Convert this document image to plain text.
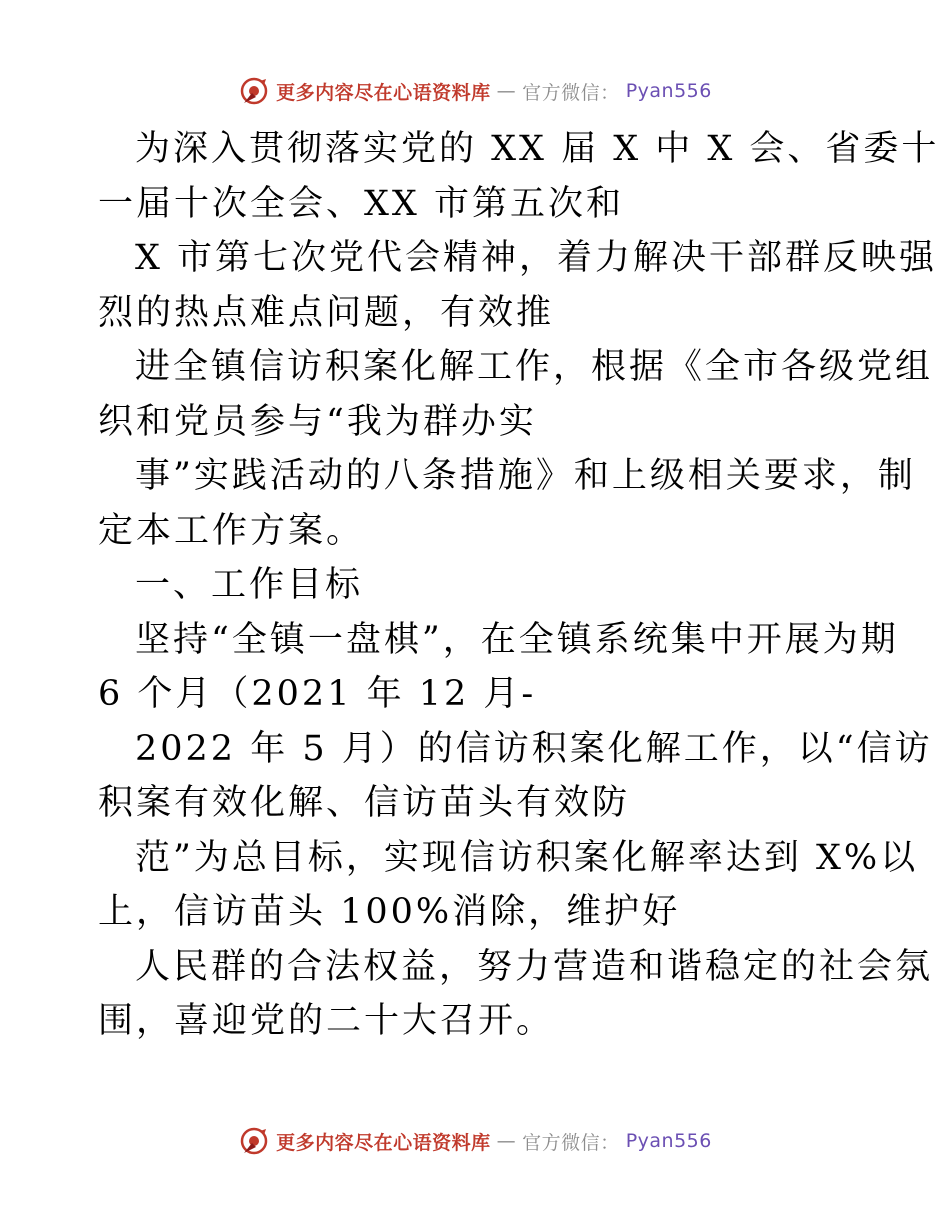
更多内容尽在心语资料库 — 官方微信： Pyan556
为深入贯彻落实党的 XX 届 X 中 X 会、省委十
一届十次全会、XX 市第五次和
X 市第七次党代会精神，着力解决干部群反映强
烈的热点难点问题，有效推
进全镇信访积案化解工作，根据《全市各级党组
织和党员参与“我为群办实
事”实践活动的八条措施》和上级相关要求，制
定本工作方案。
一、工作目标
坚持“全镇一盘棋”，在全镇系统集中开展为期
6 个月（2021 年 12 月-
2022 年 5 月）的信访积案化解工作，以“信访
积案有效化解、信访苗头有效防
范”为总目标，实现信访积案化解率达到 X%以
上，信访苗头 100%消除，维护好
人民群的合法权益，努力营造和谐稳定的社会氛
围，喜迎党的二十大召开。
更多内容尽在心语资料库 — 官方微信： Pyan556
